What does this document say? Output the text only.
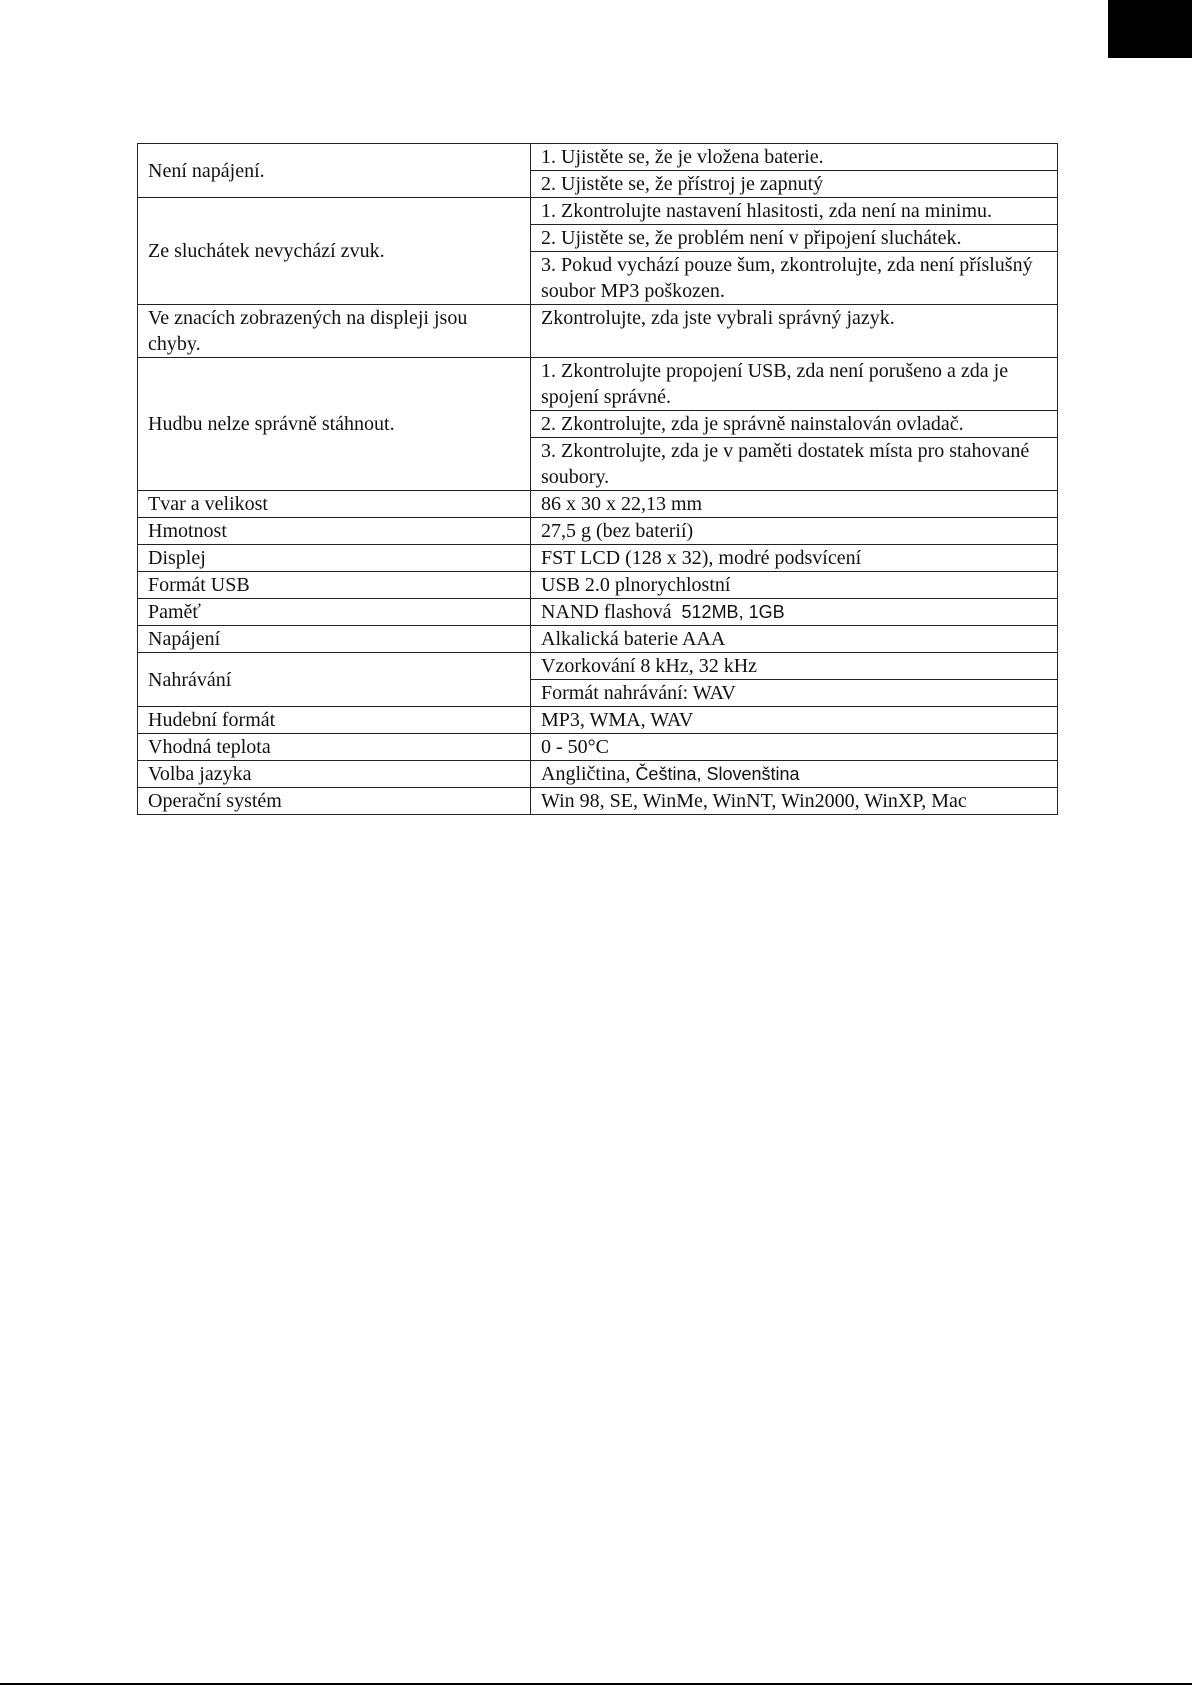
Není napájení.	1. Ujistěte se, že je vložena baterie.
	2. Ujistěte se, že přístroj je zapnutý
Ze sluchátek nevychází zvuk.	1. Zkontrolujte nastavení hlasitosti, zda není na minimu.
	2. Ujistěte se, že problém není v připojení sluchátek.
	3. Pokud vychází pouze šum, zkontrolujte, zda není příslušný soubor MP3 poškozen.
Ve znacích zobrazených na displeji jsou chyby.	Zkontrolujte, zda jste vybrali správný jazyk.
Hudbu nelze správně stáhnout.	1. Zkontrolujte propojení USB, zda není porušeno a zda je spojení správné.
	2. Zkontrolujte, zda je správně nainstalován ovladač.
	3. Zkontrolujte, zda je v paměti dostatek místa pro stahované soubory.
Tvar a velikost	86 x 30 x 22,13 mm
Hmotnost	27,5 g (bez baterií)
Displej	FST LCD (128 x 32), modré podsvícení
Formát USB	USB 2.0 plnorychlostní
Paměť	NAND flashová 512MB, 1GB
Napájení	Alkalická baterie AAA
Nahrávání	Vzorkování 8 kHz, 32 kHz
	Formát nahrávání: WAV
Hudební formát	MP3, WMA, WAV
Vhodná teplota	0 - 50°C
Volba jazyka	Angličtina, Čeština, Slovenština
Operační systém	Win 98, SE, WinMe, WinNT, Win2000, WinXP, Mac
